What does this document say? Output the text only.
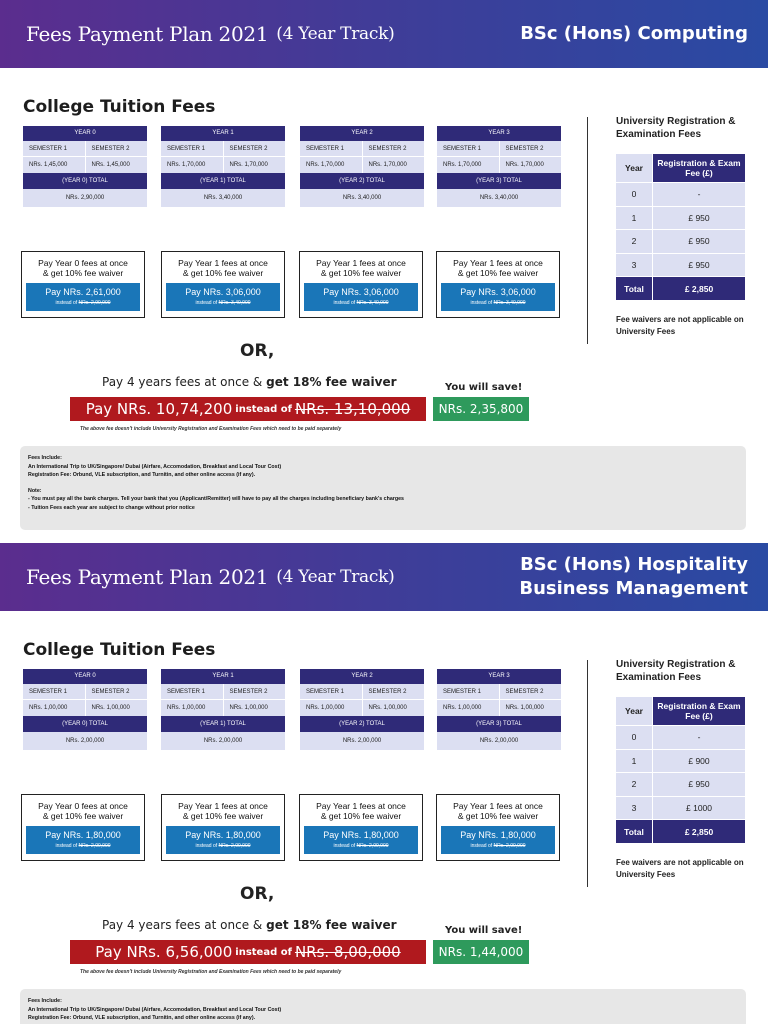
Fees Payment Plan 2021 (4 Year Track)	BSc (Hons) Computing
College Tuition Fees
YEAR 0
SEMESTER 1	SEMESTER 2
NRs. 1,45,000	NRs. 1,45,000
(YEAR 0) TOTAL
NRs. 2,90,000
YEAR 1
SEMESTER 1	SEMESTER 2
NRs. 1,70,000	NRs. 1,70,000
(YEAR 1) TOTAL
NRs. 3,40,000
YEAR 2
SEMESTER 1	SEMESTER 2
NRs. 1,70,000	NRs. 1,70,000
(YEAR 2) TOTAL
NRs. 3,40,000
YEAR 3
SEMESTER 1	SEMESTER 2
NRs. 1,70,000	NRs. 1,70,000
(YEAR 3) TOTAL
NRs. 3,40,000
Pay Year 0 fees at once
& get 10% fee waiver
Pay NRs. 2,61,000
instead of NRs. 2,90,000
Pay Year 1 fees at once
& get 10% fee waiver
Pay NRs. 3,06,000
instead of NRs. 3,40,000
Pay Year 1 fees at once
& get 10% fee waiver
Pay NRs. 3,06,000
instead of NRs. 3,40,000
Pay Year 1 fees at once
& get 10% fee waiver
Pay NRs. 3,06,000
instead of NRs. 3,40,000
OR,
Pay 4 years fees at once & get 18% fee waiver	You will save!
Pay NRs. 10,74,200 instead of NRs. 13,10,000	NRs. 2,35,800
The above fee doesn't include University Registration and Examination Fees which need to be paid separately
Fees Include:
An International Trip to UK/Singapore/ Dubai (Airfare, Accomodation, Breakfast and Local Tour Cost)
Registration Fee: Orbund, VLE subscription, and Turnitin, and other online access (if any).
Note:
- You must pay all the bank charges. Tell your bank that you (Applicant/Remitter) will have to pay all the charges including beneficiary bank's charges
- Tuition Fees each year are subject to change without prior notice
University Registration & Examination Fees
Year	Registration & Exam Fee (£)
0	-
1	£ 950
2	£ 950
3	£ 950
Total	£ 2,850
Fee waivers are not applicable on University Fees
Fees Payment Plan 2021 (4 Year Track)
BSc (Hons) Hospitality
Business Management
College Tuition Fees
YEAR 0
SEMESTER 1	SEMESTER 2
NRs. 1,00,000	NRs. 1,00,000
(YEAR 0) TOTAL
NRs. 2,00,000
YEAR 1
SEMESTER 1	SEMESTER 2
NRs. 1,00,000	NRs. 1,00,000
(YEAR 1) TOTAL
NRs. 2,00,000
YEAR 2
SEMESTER 1	SEMESTER 2
NRs. 1,00,000	NRs. 1,00,000
(YEAR 2) TOTAL
NRs. 2,00,000
YEAR 3
SEMESTER 1	SEMESTER 2
NRs. 1,00,000	NRs. 1,00,000
(YEAR 3) TOTAL
NRs. 2,00,000
Pay Year 0 fees at once
& get 10% fee waiver
Pay NRs. 1,80,000
instead of NRs. 2,00,000
Pay Year 1 fees at once
& get 10% fee waiver
Pay NRs. 1,80,000
instead of NRs. 2,00,000
Pay Year 1 fees at once
& get 10% fee waiver
Pay NRs. 1,80,000
instead of NRs. 2,00,000
Pay Year 1 fees at once
& get 10% fee waiver
Pay NRs. 1,80,000
instead of NRs. 2,00,000
OR,
Pay 4 years fees at once & get 18% fee waiver	You will save!
Pay NRs. 6,56,000 instead of NRs. 8,00,000	NRs. 1,44,000
The above fee doesn't include University Registration and Examination Fees which need to be paid separately
Fees Include:
An International Trip to UK/Singapore/ Dubai (Airfare, Accomodation, Breakfast and Local Tour Cost)
Registration Fee: Orbund, VLE subscription, and Turnitin, and other online access (if any).
University Registration & Examination Fees
Year	Registration & Exam Fee (£)
0	-
1	£ 900
2	£ 950
3	£ 1000
Total	£ 2,850
Fee waivers are not applicable on University Fees
